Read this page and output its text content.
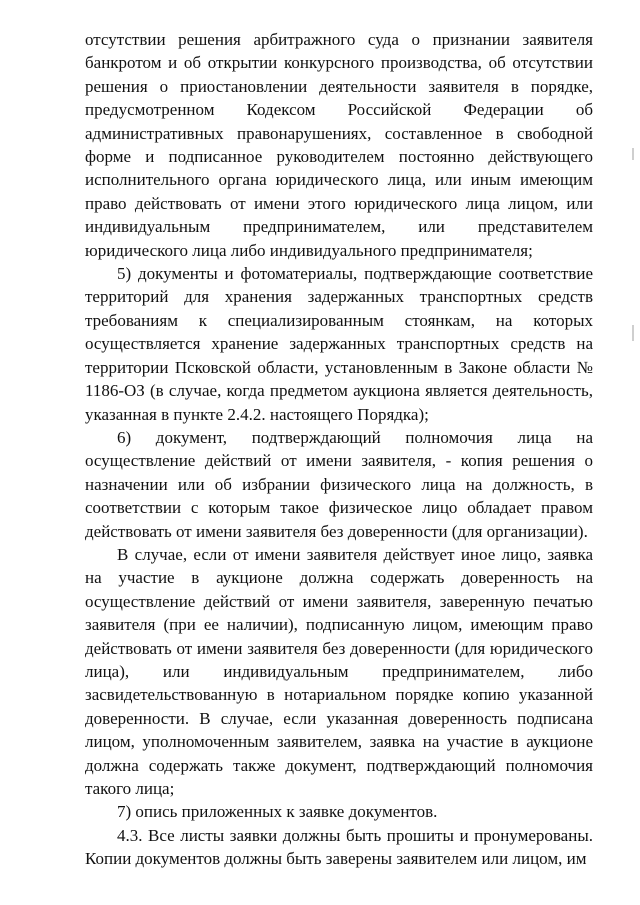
отсутствии решения арбитражного суда о признании заявителя банкротом и об открытии конкурсного производства, об отсутствии решения о приостановлении деятельности заявителя в порядке, предусмотренном Кодексом Российской Федерации об административных правонарушениях, составленное в свободной форме и подписанное руководителем постоянно действующего исполнительного органа юридического лица, или иным имеющим право действовать от имени этого юридического лица лицом, или индивидуальным предпринимателем, или представителем юридического лица либо индивидуального предпринимателя;

5) документы и фотоматериалы, подтверждающие соответствие территорий для хранения задержанных транспортных средств требованиям к специализированным стоянкам, на которых осуществляется хранение задержанных транспортных средств на территории Псковской области, установленным в Законе области № 1186-ОЗ (в случае, когда предметом аукциона является деятельность, указанная в пункте 2.4.2. настоящего Порядка);

6) документ, подтверждающий полномочия лица на осуществление действий от имени заявителя, - копия решения о назначении или об избрании физического лица на должность, в соответствии с которым такое физическое лицо обладает правом действовать от имени заявителя без доверенности (для организации).

В случае, если от имени заявителя действует иное лицо, заявка на участие в аукционе должна содержать доверенность на осуществление действий от имени заявителя, заверенную печатью заявителя (при ее наличии), подписанную лицом, имеющим право действовать от имени заявителя без доверенности (для юридического лица), или индивидуальным предпринимателем, либо засвидетельствованную в нотариальном порядке копию указанной доверенности. В случае, если указанная доверенность подписана лицом, уполномоченным заявителем, заявка на участие в аукционе должна содержать также документ, подтверждающий полномочия такого лица;

7) опись приложенных к заявке документов.

4.3. Все листы заявки должны быть прошиты и пронумерованы. Копии документов должны быть заверены заявителем или лицом, им
